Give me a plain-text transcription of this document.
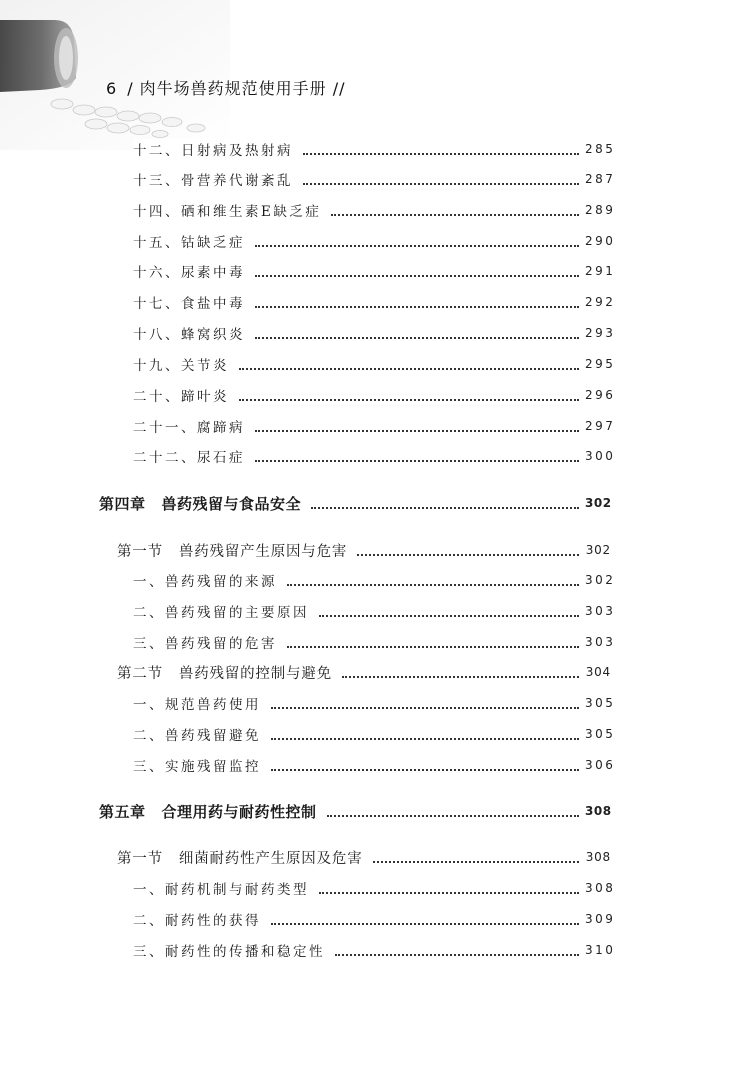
6 / 肉牛场兽药规范使用手册 //
十二、日射病及热射病	285
十三、骨营养代谢紊乱	287
十四、硒和维生素E缺乏症	289
十五、钴缺乏症	290
十六、尿素中毒	291
十七、食盐中毒	292
十八、蜂窝织炎	293
十九、关节炎	295
二十、蹄叶炎	296
二十一、腐蹄病	297
二十二、尿石症	300
第四章 兽药残留与食品安全	302
第一节 兽药残留产生原因与危害	302
一、兽药残留的来源	302
二、兽药残留的主要原因	303
三、兽药残留的危害	303
第二节 兽药残留的控制与避免	304
一、规范兽药使用	305
二、兽药残留避免	305
三、实施残留监控	306
第五章 合理用药与耐药性控制	308
第一节 细菌耐药性产生原因及危害	308
一、耐药机制与耐药类型	308
二、耐药性的获得	309
三、耐药性的传播和稳定性	310
